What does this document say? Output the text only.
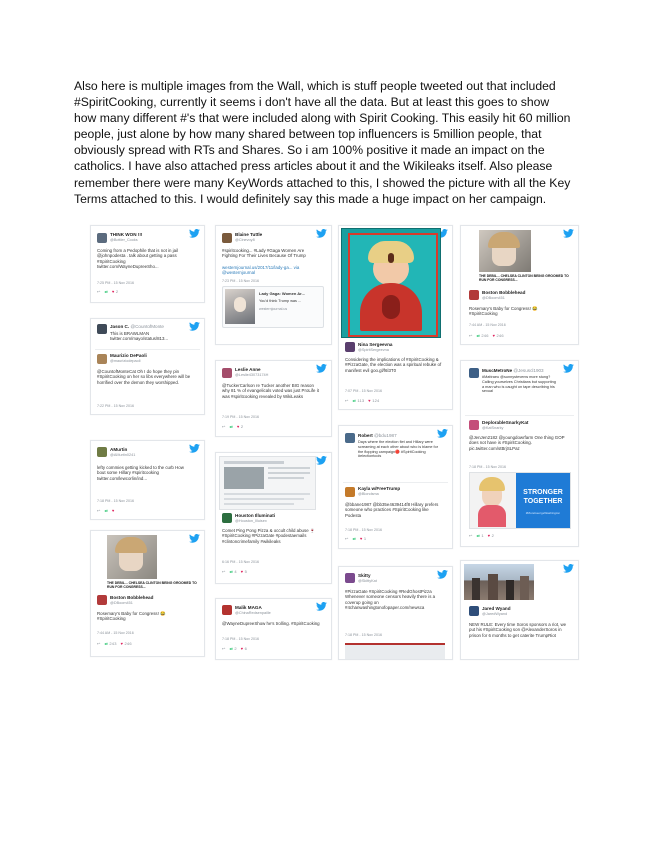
Also here is multiple images from the Wall, which is stuff people tweeted out that included #SpiritCooking, currently it seems i don't have all the data. But at least this goes to show how many different #'s that were included along with Spirit Cooking. This easily hit 60 million people, just alone by how many shared between top influencers is 5million people, that obviously spread with RTs and Shares. So i am 100% positive it made an impact on the catholics. I have also attached press articles about it and the Wikileaks itself. Also please remember there were many KeyWords attached to this, I showed the picture with all the Key Terms attached to this. I would definitely say this made a huge impact on her campaign.
THINK WON !!!
@Bottler_Cooks
Coming from a Pedophile that is not in jail @johnpodesta . talk about getting a pass #SpiritCooking twitter.com/WayneDupreeSho...
7:25 PM - 15 Nov 2016
↩   ⇄ ♥ 2
Jason C. @CountofMonte
This is BRAWLMAN twitter.com/mayo/status/813...
Maurizio DePaoli
@mauriziodepaoli
@CountofMonteCat Oh I do hope they pin #SpiritCooking on her so libs everywhere will be horrified over the demon they worshipped.
7:22 PM - 15 Nov 2016
AMurtin
@AMurtin0241
lefty commies getting kicked to the curb How bout some Hillary #spiritcooking twitter.com/lewcorlin/ind...
7:18 PM - 15 Nov 2016
↩   ⇄ ♥
THE DEBIL... CHELSEA CLINTON BEING GROOMED TO RUN FOR CONGRESS...
Boston Bobblehead
@DBoom451
Rosemary's Baby for Congress! 😂 #SpiritCooking
7:44 AM - 15 Nov 2016
↩   ⇄ 243 ♥ 246
Blaine Tuttle
@Cinevoy8
#spiritcooking... #Lady #Gaga Women Are Fighting For Their Lives Because Of Trump
westernjournal.us/2017/11/lady-ga... via @westernjournal
7:23 PM - 15 Nov 2016
Lady Gaga: Women Ar...
You'd think Trump was ...
westernjournal.us
Leslie Anne
@Leslie43073174H
@TuckerCarlson re Tucker another BIG reason why 81 % of evangelicals voted was just ProLife it was #spiritcooking revealed by WikiLeaks
7:19 PM - 15 Nov 2016
↩   ⇄ ♥ 2
Houston Illuminati
@Houston_Illuisex
Comet Ping Pong Pizza & occult child abuse 🍷 #SpiritCooking #PizzaGate #podestaemails #clintoncrimefamily #wikileaks
6:16 PM - 15 Nov 2016
↩   ⇄ 4 ♥ 5
Malik MAGA
@ChinaRedsenpaille
@WayneDupreeShow he's trolling. #SpiritCooking
7:18 PM - 15 Nov 2016
↩   ⇄ 2 ♥ 6
Nina Sergeevna
@SpiritSergeevna
Considering the implications of #SpiritCooking & #PizzaGate, the election was a spiritual rebuke of manifest evil goo.gl/f6l3T0
7:07 PM - 15 Nov 2016
↩   ⇄ 113 ♥ 124
Robert @bdu1987
Days where the election fiet and Hillary were screaming at each other about who is blame for the flopping campaign🔴 #SpiritCooking #electiontools
Kayla w/FreeTrump
@Blondsma
@bbane1987 @bb35e4639414f8 Hillary prefers someone who practices #SpiritCooking like Podesta
7:18 PM - 15 Nov 2016
↩   ⇄ ♥ 1
Skitty
@SkittyKat
#PizzaGate #SpiritCooking #RedGhostPizza Whenever someone censors heavily there is a coverup going on #4chanwashingtonofopaper.com/newsca
7:18 PM - 15 Nov 2016
THE DEBIL... CHELSEA CLINTON BEING GROOMED TO RUN FOR CONGRESS...
Boston Bobblehead
@DBoom451
Rosemary's Baby for Congress! 😂 #SpiritCooking
7:44 AM - 15 Nov 2016
↩   ⇄ 246 ♥ 246
MuscMetroNe @Jesuscl1903
#Mattraeu @sunnystevenw more stung? Calling yourselves Christians but supporting a man who is caught on tape describing his sexual
DeplorableSnarkyKat
@KatSnarky
@JenJen2182 @youngdowrfarm One thing GOP does not have is #SpiritCooking. pic.twitter.com/stBrjSLPaz
7:18 PM - 15 Nov 2016
STRONGER
TOGETHER
#MoreGeorgeWashington
↩   ⇄ 1 ♥ 2
Jared Wyand
@JaredWyand
NEW RULE: Every time Soros sponsors a riot, we put his #SpiritCooking son @AlexanderSoros in prison for 6 months to get caterite TrumpRiot
